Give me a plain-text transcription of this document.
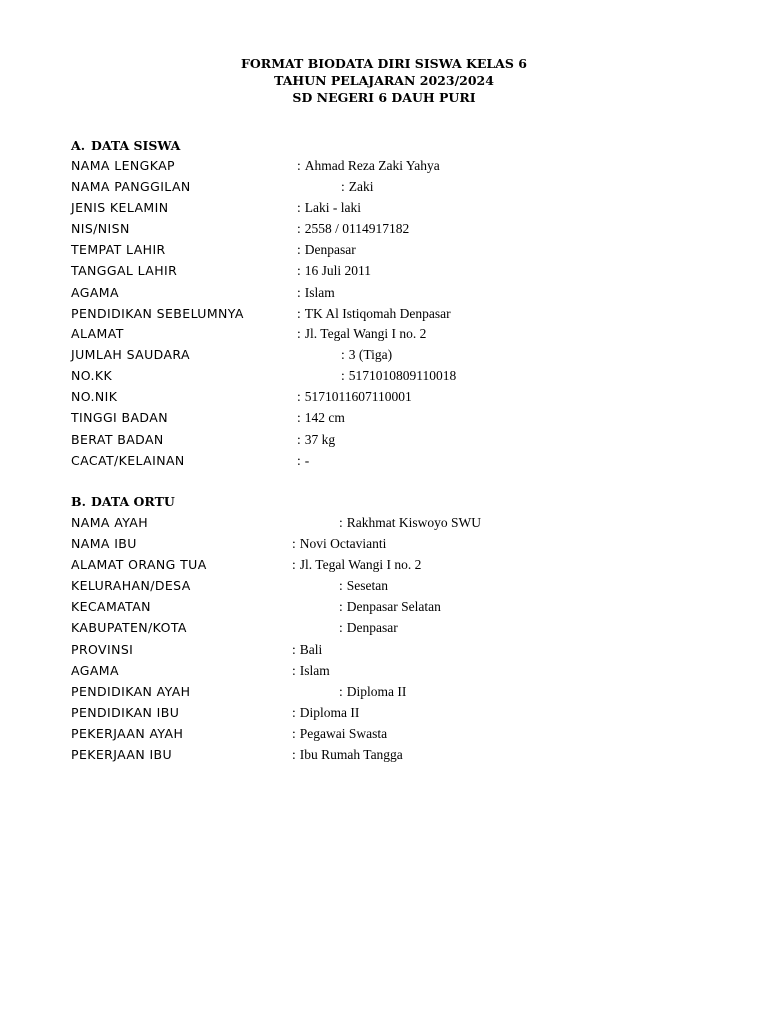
FORMAT BIODATA DIRI SISWA KELAS 6
TAHUN PELAJARAN 2023/2024
SD NEGERI 6 DAUH PURI
A. DATA SISWA
NAMA LENGKAP	: Ahmad Reza Zaki Yahya
NAMA PANGGILAN	: Zaki
JENIS KELAMIN	: Laki - laki
NIS/NISN	: 2558 / 0114917182
TEMPAT LAHIR	: Denpasar
TANGGAL LAHIR	: 16 Juli 2011
AGAMA	: Islam
PENDIDIKAN SEBELUMNYA	: TK Al Istiqomah Denpasar
ALAMAT	: Jl. Tegal Wangi I no. 2
JUMLAH SAUDARA	: 3 (Tiga)
NO.KK	: 5171010809110018
NO.NIK	: 5171011607110001
TINGGI BADAN	: 142 cm
BERAT BADAN	: 37 kg
CACAT/KELAINAN	: -
B. DATA ORTU
NAMA AYAH	: Rakhmat Kiswoyo SWU
NAMA IBU	: Novi Octavianti
ALAMAT ORANG TUA	: Jl. Tegal Wangi I no. 2
KELURAHAN/DESA	: Sesetan
KECAMATAN	: Denpasar Selatan
KABUPATEN/KOTA	: Denpasar
PROVINSI	: Bali
AGAMA	: Islam
PENDIDIKAN AYAH	: Diploma II
PENDIDIKAN IBU	: Diploma II
PEKERJAAN AYAH	: Pegawai Swasta
PEKERJAAN IBU	: Ibu Rumah Tangga
